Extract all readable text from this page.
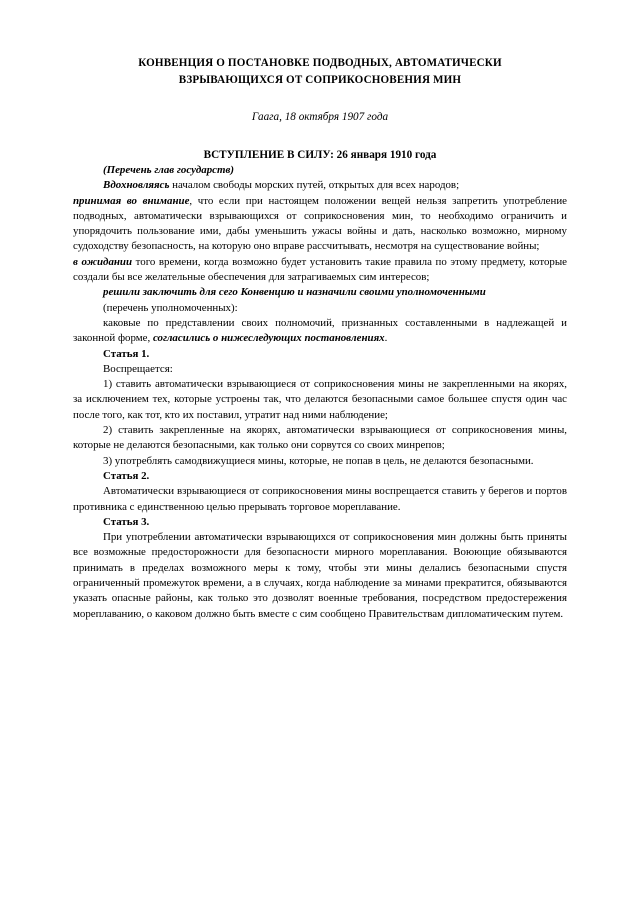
КОНВЕНЦИЯ О ПОСТАНОВКЕ ПОДВОДНЫХ, АВТОМАТИЧЕСКИ
ВЗРЫВАЮЩИХСЯ ОТ СОПРИКОСНОВЕНИЯ МИН
Гаага, 18 октября 1907 года
ВСТУПЛЕНИЕ В СИЛУ: 26 января 1910 года

(Перечень глав государств)

Вдохновляясь началом свободы морских путей, открытых для всех народов;

принимая во внимание, что если при настоящем положении вещей нельзя запретить употребление подводных, автоматически взрывающихся от соприкосновения мин, то необходимо ограничить и упорядочить пользование ими, дабы уменьшить ужасы войны и дать, насколько возможно, мирному судоходству безопасность, на которую оно вправе рассчитывать, несмотря на существование войны;

в ожидании того времени, когда возможно будет установить такие правила по этому предмету, которые создали бы все желательные обеспечения для затрагиваемых сим интересов;

решили заключить для сего Конвенцию и назначили своими уполномоченными

(перечень уполномоченных):

каковые по представлении своих полномочий, признанных составленными в надлежащей и законной форме, согласились о нижеследующих постановлениях.

Статья 1.

Воспрещается:

1) ставить автоматически взрывающиеся от соприкосновения мины не закрепленными на якорях, за исключением тех, которые устроены так, что делаются безопасными самое большее спустя один час после того, как тот, кто их поставил, утратит над ними наблюдение;

2) ставить закрепленные на якорях, автоматически взрывающиеся от соприкосновения мины, которые не делаются безопасными, как только они сорвутся со своих минрепов;

3) употреблять самодвижущиеся мины, которые, не попав в цель, не делаются безопасными.

Статья 2.

Автоматически взрывающиеся от соприкосновения мины воспрещается ставить у берегов и портов противника с единственною целью прерывать торговое мореплавание.

Статья 3.

При употреблении автоматически взрывающихся от соприкосновения мин должны быть приняты все возможные предосторожности для безопасности мирного мореплавания. Воюющие обязываются принимать в пределах возможного меры к тому, чтобы эти мины делались безопасными спустя ограниченный промежуток времени, а в случаях, когда наблюдение за минами прекратится, обязываются указать опасные районы, как только это дозволят военные требования, посредством предостережения мореплаванию, о каковом должно быть вместе с сим сообщено Правительствам дипломатическим путем.
